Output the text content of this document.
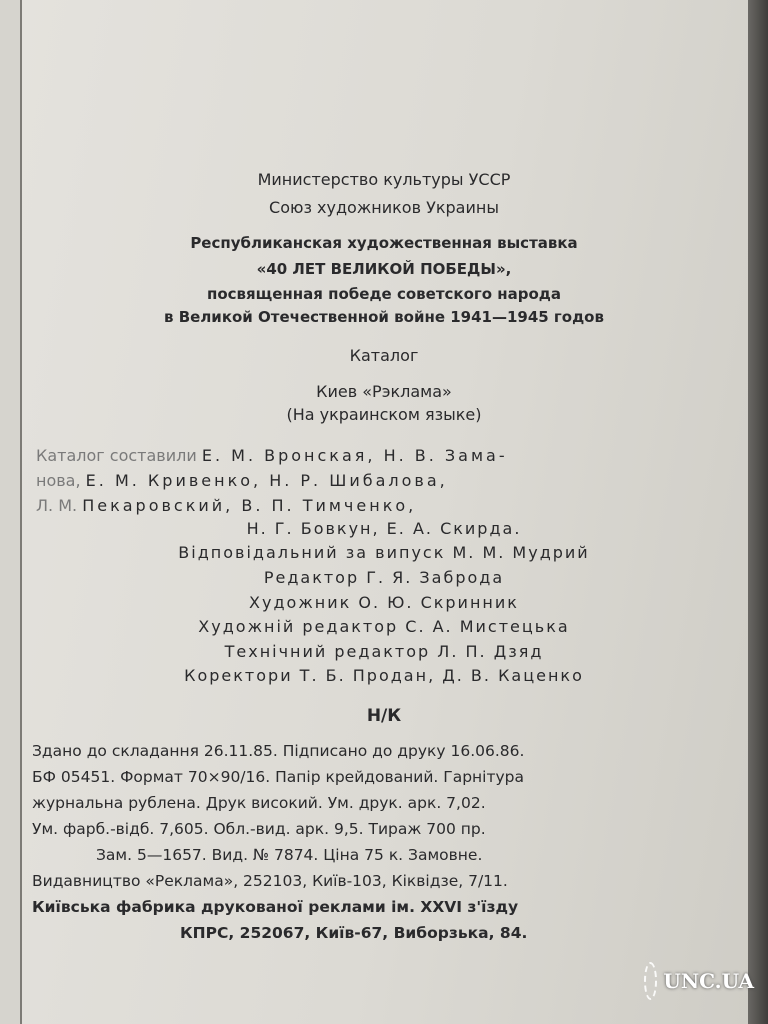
Министерство культуры УССР
Союз художников Украины
Республиканская художественная выставка
«40 ЛЕТ ВЕЛИКОЙ ПОБЕДЫ»,
посвященная победе советского народа
в Великой Отечественной войне 1941—1945 годов
Каталог
Киев «Рэклама»
(На украинском языке)
Каталог составили Е. М. Вронская, Н. В. Зама-
нова, Е. М. Кривенко, Н. Р. Шибалова,
Л. М. Пекаровский, В. П. Тимченко,
Н. Г. Бовкун, Е. А. Скирда.
Відповідальний за випуск М. М. Мудрий
Редактор Г. Я. Заброда
Художник О. Ю. Скринник
Художній редактор С. А. Мистецька
Технічний редактор Л. П. Дзяд
Коректори Т. Б. Продан, Д. В. Каценко
Н/К
Здано до складання 26.11.85. Підписано до друку 16.06.86.
БФ 05451. Формат 70×90/16. Папір крейдований. Гарнітура
журнальна рублена. Друк високий. Ум. друк. арк. 7,02.
Ум. фарб.-відб. 7,605. Обл.-вид. арк. 9,5. Тираж 700 пр.
Зам. 5—1657. Вид. № 7874. Ціна 75 к. Замовне.
Видавництво «Реклама», 252103, Київ-103, Кіквідзе, 7/11.
Київська фабрика друкованої реклами ім. XXVI з'їзду
КПРС, 252067, Київ-67, Виборзька, 84.
UNC.UA
